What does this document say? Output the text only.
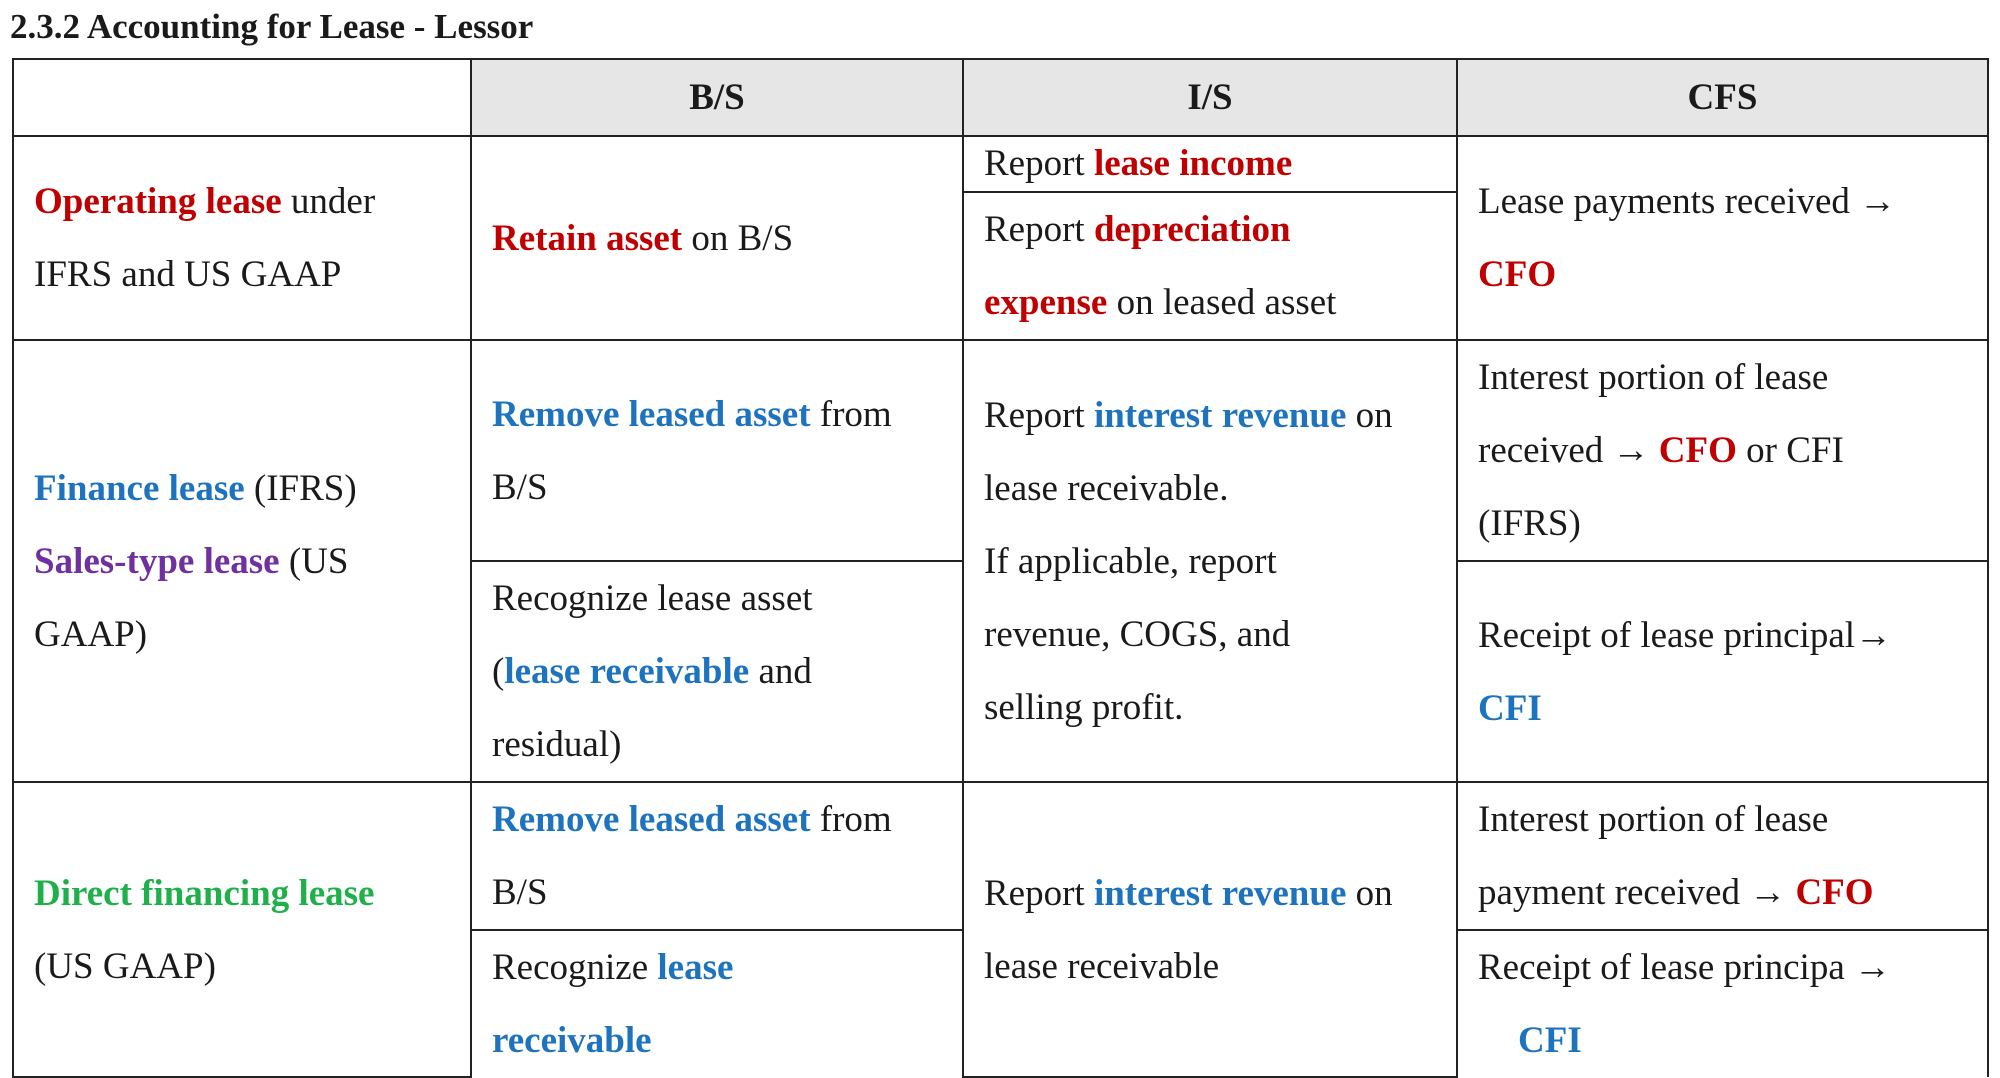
2.3.2 Accounting for Lease - Lessor
	B/S	I/S	CFS

Operating lease under
IFRS and US GAAP	Retain asset on B/S	Report lease income	Lease payments received →
CFO

		Report depreciation
expense on leased asset	

Finance lease (IFRS)
Sales-type lease (US
GAAP)	Remove leased asset from
B/S	Report interest revenue on
lease receivable.
If applicable, report
revenue, COGS, and
selling profit.	Interest portion of lease
received → CFO or CFI
(IFRS)

	Recognize lease asset
(lease receivable and
residual)		Receipt of lease principal→
CFI

Direct financing lease
(US GAAP)	Remove leased asset from
B/S	Report interest revenue on
lease receivable	Interest portion of lease
payment received → CFO

	Recognize lease
receivable		Receipt of lease principa →
CFI
